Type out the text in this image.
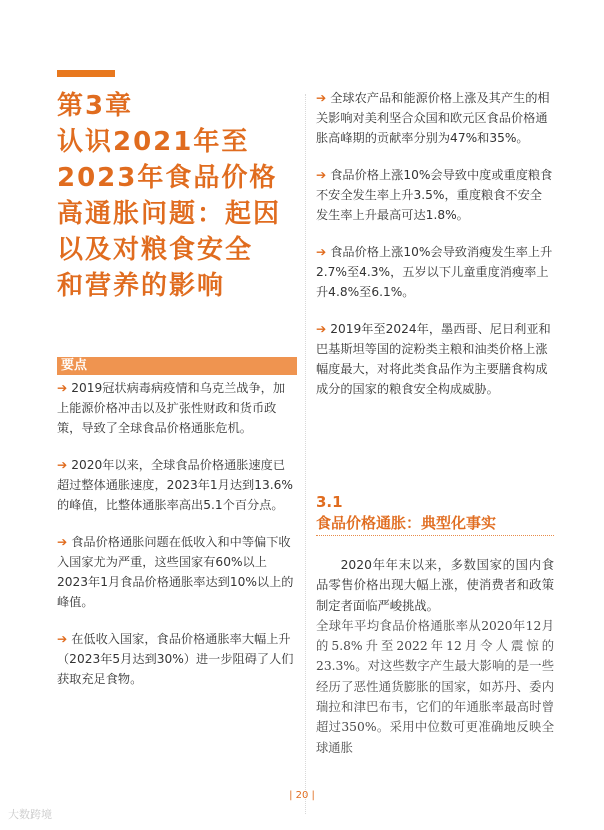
第3章
认识2021年至
2023年食品价格
高通胀问题：起因
以及对粮食安全
和营养的影响
要点

➔ 2019冠状病毒病疫情和乌克兰战争，加上能源价格冲击以及扩张性财政和货币政策，导致了全球食品价格通胀危机。

➔ 2020年以来，全球食品价格通胀速度已超过整体通胀速度，2023年1月达到13.6%的峰值，比整体通胀率高出5.1个百分点。

➔ 食品价格通胀问题在低收入和中等偏下收入国家尤为严重，这些国家有60%以上2023年1月食品价格通胀率达到10%以上的峰值。

➔ 在低收入国家，食品价格通胀率大幅上升（2023年5月达到30%）进一步阻碍了人们获取充足食物。

➔ 全球农产品和能源价格上涨及其产生的相关影响对美利坚合众国和欧元区食品价格通胀高峰期的贡献率分别为47%和35%。

➔ 食品价格上涨10%会导致中度或重度粮食不安全发生率上升3.5%，重度粮食不安全发生率上升最高可达1.8%。

➔ 食品价格上涨10%会导致消瘦发生率上升2.7%至4.3%，五岁以下儿童重度消瘦率上升4.8%至6.1%。

➔ 2019年至2024年，墨西哥、尼日利亚和巴基斯坦等国的淀粉类主粮和油类价格上涨幅度最大，对将此类食品作为主要膳食构成成分的国家的粮食安全构成威胁。

3.1
食品价格通胀：典型化事实

2020年年末以来，多数国家的国内食品零售价格出现大幅上涨，使消费者和政策制定者面临严峻挑战。
全球年平均食品价格通胀率从2020年12月的5.8%升至2022年12月令人震惊的23.3%。对这些数字产生最大影响的是一些经历了恶性通货膨胀的国家，如苏丹、委内瑞拉和津巴布韦，它们的年通胀率最高时曾超过350%。采用中位数可更准确地反映全球通胀

| 20 |
大数跨境
